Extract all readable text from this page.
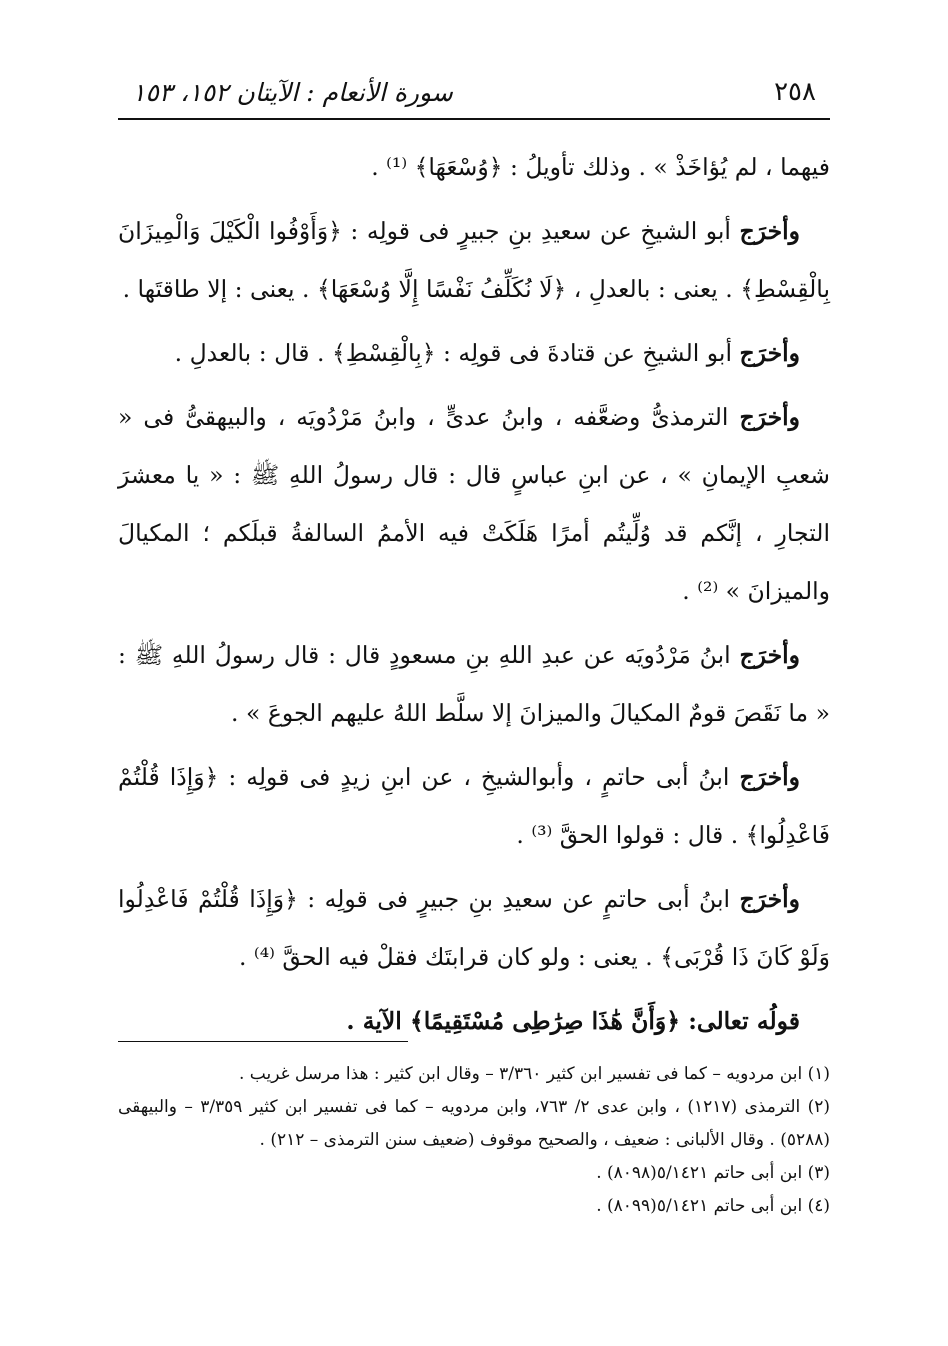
٢٥٨
سورة الأنعام : الآيتان ١٥٢، ١٥٣

فيهما ، لم يُؤاخَذْ » . وذلك تأويلُ : ﴿وُسْعَهَا﴾ ⁽¹⁾ .

وأخرَج أبو الشيخِ عن سعيدِ بنِ جبيرٍ فى قولِه : ﴿وَأَوْفُوا الْكَيْلَ وَالْمِيزَانَ بِالْقِسْطِ﴾ . يعنى : بالعدلِ ، ﴿لَا نُكَلِّفُ نَفْسًا إِلَّا وُسْعَهَا﴾ . يعنى : إلا طاقتَها .

وأخرَج أبو الشيخِ عن قتادةَ فى قولِه : ﴿بِالْقِسْطِ﴾ . قال : بالعدلِ .

وأخرَج الترمذىُّ وضعَّفه ، وابنُ عدىٍّ ، وابنُ مَرْدُويَه ، والبيهقىُّ فى « شعبِ الإيمانِ » ، عن ابنِ عباسٍ قال : قال رسولُ اللهِ ﷺ : « يا معشرَ التجارِ ، إنَّكم قد وُلِّيتُم أمرًا هَلَكَتْ فيه الأممُ السالفةُ قبلَكم ؛ المكيالَ والميزانَ » ⁽²⁾ .

وأخرَج ابنُ مَرْدُويَه عن عبدِ اللهِ بنِ مسعودٍ قال : قال رسولُ اللهِ ﷺ : « ما نَقَصَ قومٌ المكيالَ والميزانَ إلا سلَّط اللهُ عليهم الجوعَ » .

وأخرَج ابنُ أبى حاتمٍ ، وأبوالشيخِ ، عن ابنِ زيدٍ فى قولِه : ﴿وَإِذَا قُلْتُمْ فَاعْدِلُوا﴾ . قال : قولوا الحقَّ ⁽³⁾ .

وأخرَج ابنُ أبى حاتمٍ عن سعيدِ بنِ جبيرٍ فى قولِه : ﴿وَإِذَا قُلْتُمْ فَاعْدِلُوا وَلَوْ كَانَ ذَا قُرْبَى﴾ . يعنى : ولو كان قرابتَك فقلْ فيه الحقَّ ⁽⁴⁾ .

قولُه تعالى: ﴿وَأَنَّ هَٰذَا صِرَٰطِى مُسْتَقِيمًا﴾ الآية .

(١) ابن مردويه – كما فى تفسير ابن كثير ٣/٣٦٠ – وقال ابن كثير : هذا مرسل غريب .

(٢) الترمذى (١٢١٧) ، وابن عدى ٢/ ٧٦٣، وابن مردويه – كما فى تفسير ابن كثير ٣/٣٥٩ – والبيهقى (٥٢٨٨) . وقال الألبانى : ضعيف ، والصحيح موقوف (ضعيف سنن الترمذى – ٢١٢) .

(٣) ابن أبى حاتم ٥/١٤٢١(٨٠٩٨) .

(٤) ابن أبى حاتم ٥/١٤٢١(٨٠٩٩) .
